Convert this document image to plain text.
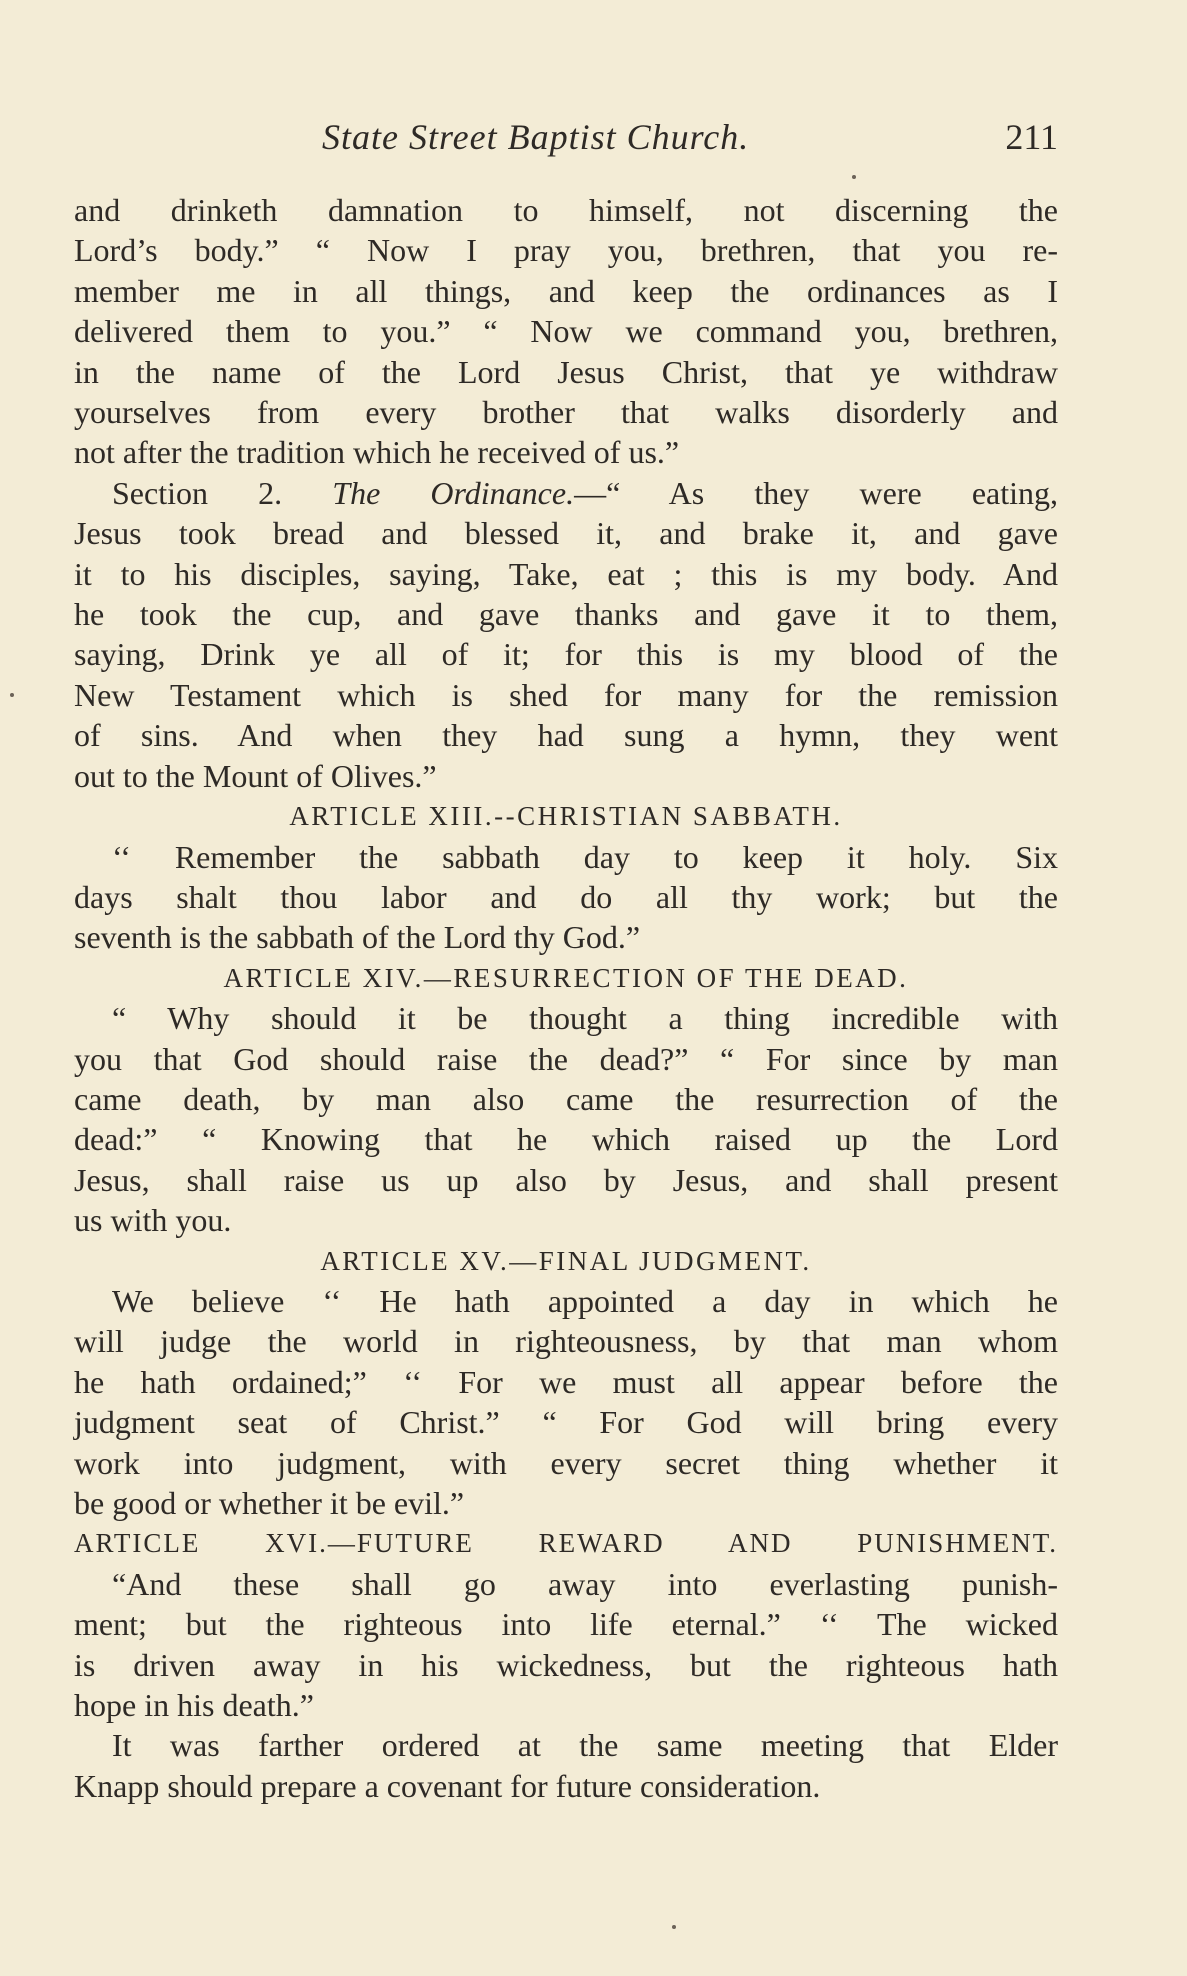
State Street Baptist Church.	211

and drinketh damnation to himself, not discerning the

Lord’s body.” “ Now I pray you, brethren, that you re-

member me in all things, and keep the ordinances as I

delivered them to you.” “ Now we command you, brethren,

in the name of the Lord Jesus Christ, that ye withdraw

yourselves from every brother that walks disorderly and

not after the tradition which he received of us.”

Section 2. The Ordinance.—“ As they were eating,

Jesus took bread and blessed it, and brake it, and gave

it to his disciples, saying, Take, eat ; this is my body. And

he took the cup, and gave thanks and gave it to them,

saying, Drink ye all of it; for this is my blood of the

New Testament which is shed for many for the remission

of sins. And when they had sung a hymn, they went

out to the Mount of Olives.”

ARTICLE XIII.--CHRISTIAN SABBATH.

‘‘ Remember the sabbath day to keep it holy. Six

days shalt thou labor and do all thy work; but the

seventh is the sabbath of the Lord thy God.”

ARTICLE XIV.—RESURRECTION OF THE DEAD.

“ Why should it be thought a thing incredible with

you that God should raise the dead?” “ For since by man

came death, by man also came the resurrection of the

dead:” “ Knowing that he which raised up the Lord

Jesus, shall raise us up also by Jesus, and shall present

us with you.

ARTICLE XV.—FINAL JUDGMENT.

We believe ‘‘ He hath appointed a day in which he

will judge the world in righteousness, by that man whom

he hath ordained;” ‘‘ For we must all appear before the

judgment seat of Christ.” “ For God will bring every

work into judgment, with every secret thing whether it

be good or whether it be evil.”

ARTICLE XVI.—FUTURE REWARD AND PUNISHMENT.

“And these shall go away into everlasting punish-

ment; but the righteous into life eternal.” ‘‘ The wicked

is driven away in his wickedness, but the righteous hath

hope in his death.”

It was farther ordered at the same meeting that Elder

Knapp should prepare a covenant for future consideration.
